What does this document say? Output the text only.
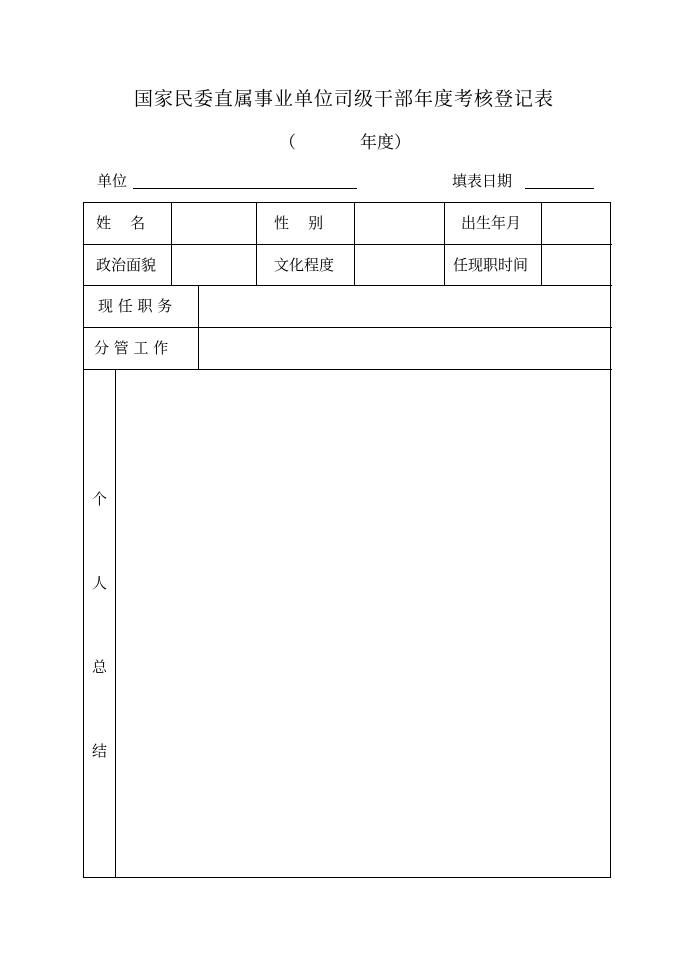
国家民委直属事业单位司级干部年度考核登记表
（	年度）
单位	填表日期
姓    名	性    别	出生年月
政治面貌	文化程度	任现职时间
现 任 职 务
分 管 工 作
个
人
总
结
